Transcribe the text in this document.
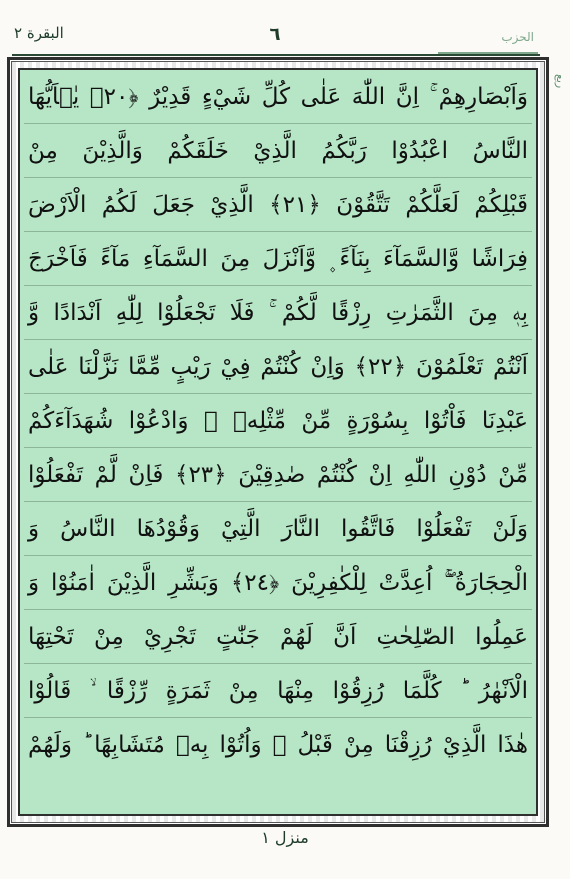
البقرة ٢	٦	الحزب
ربع
وَاَبْصَارِهِمْ ۚ اِنَّ اللّٰهَ عَلٰى كُلِّ شَيْءٍ قَدِيْرٌ ﴿٢٠﴾ يٰۤاَيُّهَا
النَّاسُ اعْبُدُوْا رَبَّكُمُ الَّذِيْ خَلَقَكُمْ وَالَّذِيْنَ مِنْ
قَبْلِكُمْ لَعَلَّكُمْ تَتَّقُوْنَ ﴿٢١﴾ الَّذِيْ جَعَلَ لَكُمُ الْاَرْضَ
فِرَاشًا وَّالسَّمَآءَ بِنَآءً ۪ وَّاَنْزَلَ مِنَ السَّمَآءِ مَآءً فَاَخْرَجَ
بِهٖ مِنَ الثَّمَرٰتِ رِزْقًا لَّكُمْ ۚ فَلَا تَجْعَلُوْا لِلّٰهِ اَنْدَادًا وَّ
اَنْتُمْ تَعْلَمُوْنَ ﴿٢٢﴾ وَاِنْ كُنْتُمْ فِيْ رَيْبٍ مِّمَّا نَزَّلْنَا عَلٰى
عَبْدِنَا فَاْتُوْا بِسُوْرَةٍ مِّنْ مِّثْلِهٖ ۪ وَادْعُوْا شُهَدَآءَكُمْ
مِّنْ دُوْنِ اللّٰهِ اِنْ كُنْتُمْ صٰدِقِيْنَ ﴿٢٣﴾ فَاِنْ لَّمْ تَفْعَلُوْا
وَلَنْ تَفْعَلُوْا فَاتَّقُوا النَّارَ الَّتِيْ وَقُوْدُهَا النَّاسُ وَ
الْحِجَارَةُ ۖۚ اُعِدَّتْ لِلْكٰفِرِيْنَ ﴿٢٤﴾ وَبَشِّرِ الَّذِيْنَ اٰمَنُوْا وَ
عَمِلُوا الصّٰلِحٰتِ اَنَّ لَهُمْ جَنّٰتٍ تَجْرِيْ مِنْ تَحْتِهَا
الْاَنْهٰرُ ؕ كُلَّمَا رُزِقُوْا مِنْهَا مِنْ ثَمَرَةٍ رِّزْقًا ۙ قَالُوْا
هٰذَا الَّذِيْ رُزِقْنَا مِنْ قَبْلُ ۙ وَاُتُوْا بِهٖ مُتَشَابِهًا ؕ وَلَهُمْ
منزل ١
